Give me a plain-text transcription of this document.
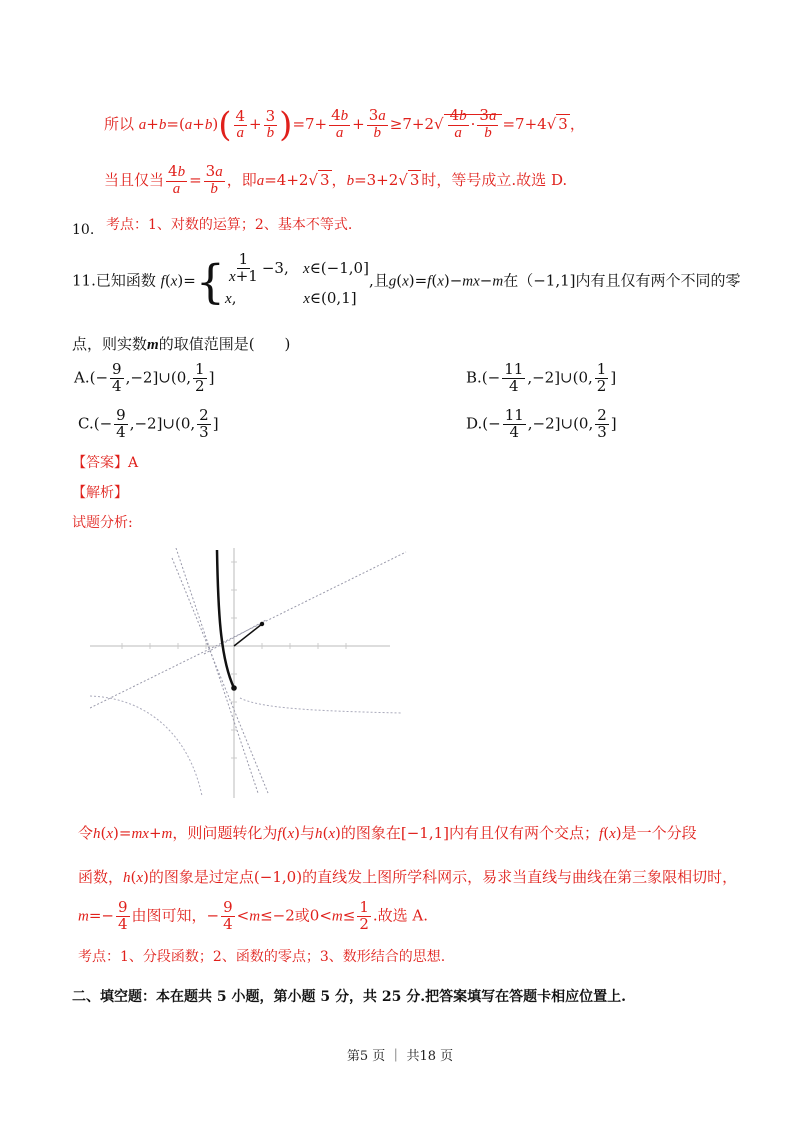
所以 $a+b=(a+b)( \frac{4}{a} + \frac{3}{b} )=7+ \frac{4b}{a} + \frac{3a}{b} \ge 7+2√ \frac{4b}{a} \cdot \frac{3a}{b} =7+4√$ 3 ，
当且仅当 $\frac{4b}{a} = \frac{3a}{b}$ ，即a=4+2√ 3 ，b=3+2√ 3 时，等号成立.故选 D.
10. 考点：1、对数的运算；2、基本不等式.
11.已知函数 $f(x)=\{ \frac{1}{x+1} -3$,   x∈(−1,0]
x,              x∈(0,1]
,且g(x)=f(x)−mx−m在（−1,1]内有且仅有两个不同的零
点，则实数m的取值范围是(　　)
$A.(- \frac{9}{4}$ ,−2]∪(0, $\frac{1}{2}$ ]	$B.(- \frac{11}{4}$ ,−2]∪(0, $\frac{1}{2}$ ]
$C.(- \frac{9}{4}$ ,−2]∪(0, $\frac{2}{3}$ ]	$D.(- \frac{11}{4}$ ,−2]∪(0, $\frac{2}{3}$ ]
【答案】A
【解析】
试题分析:
令h(x)=mx+m，则问题转化为f(x)与h(x)的图象在[−1,1]内有且仅有两个交点；f(x)是一个分段
函数，h(x)的图象是过定点(−1,0)的直线发上图所学科网示，易求当直线与曲线在第三象限相切时，
$m=- \frac{9}{4}$ 由图可知，− $\frac{9}{4} <m\le-2$或$0<m\le \frac{1}{2}$ .故选 A.
考点：1、分段函数；2、函数的零点；3、数形结合的思想.
二、填空题：本在题共 5 小题，第小题 5 分，共 25 分.把答案填写在答题卡相应位置上.
第5 页 ｜ 共18 页
